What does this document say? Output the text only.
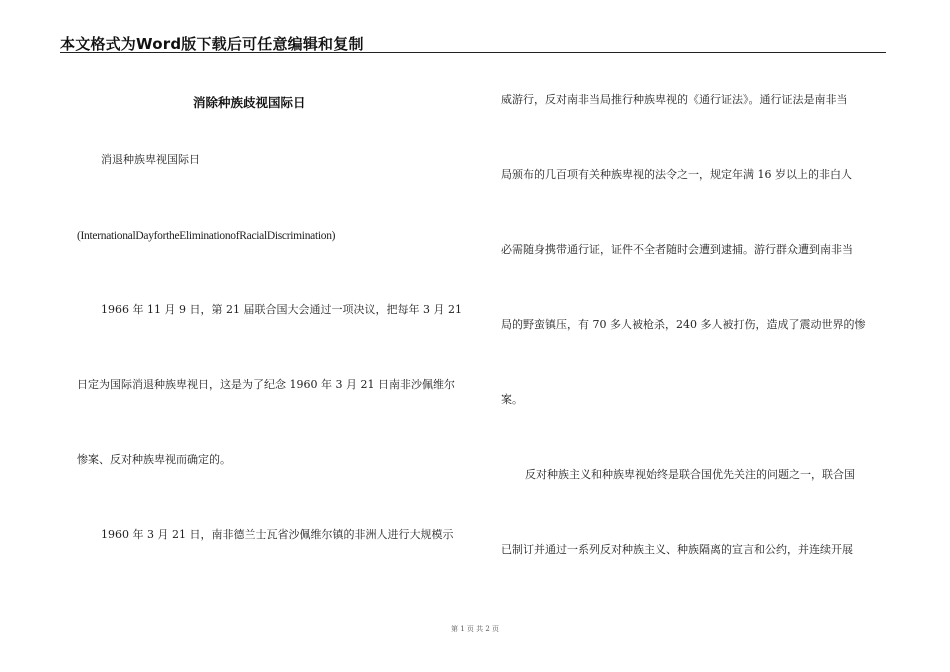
本文格式为Word版下载后可任意编辑和复制
消除种族歧视国际日
消退种族卑视国际日
(InternationalDayfortheEliminationofRacialDiscrimination)
1966 年 11 月 9 日，第 21 届联合国大会通过一项决议，把每年 3 月 21
日定为国际消退种族卑视日，这是为了纪念 1960 年 3 月 21 日南非沙佩维尔
惨案、反对种族卑视而确定的。
1960 年 3 月 21 日，南非德兰士瓦省沙佩维尔镇的非洲人进行大规模示
威游行，反对南非当局推行种族卑视的《通行证法》。通行证法是南非当
局颁布的几百项有关种族卑视的法令之一，规定年满 16 岁以上的非白人
必需随身携带通行证，证件不全者随时会遭到逮捕。游行群众遭到南非当
局的野蛮镇压，有 70 多人被枪杀，240 多人被打伤，造成了震动世界的惨
案。
反对种族主义和种族卑视始终是联合国优先关注的问题之一，联合国
已制订并通过一系列反对种族主义、种族隔离的宣言和公约，并连续开展
第 1 页 共 2 页
